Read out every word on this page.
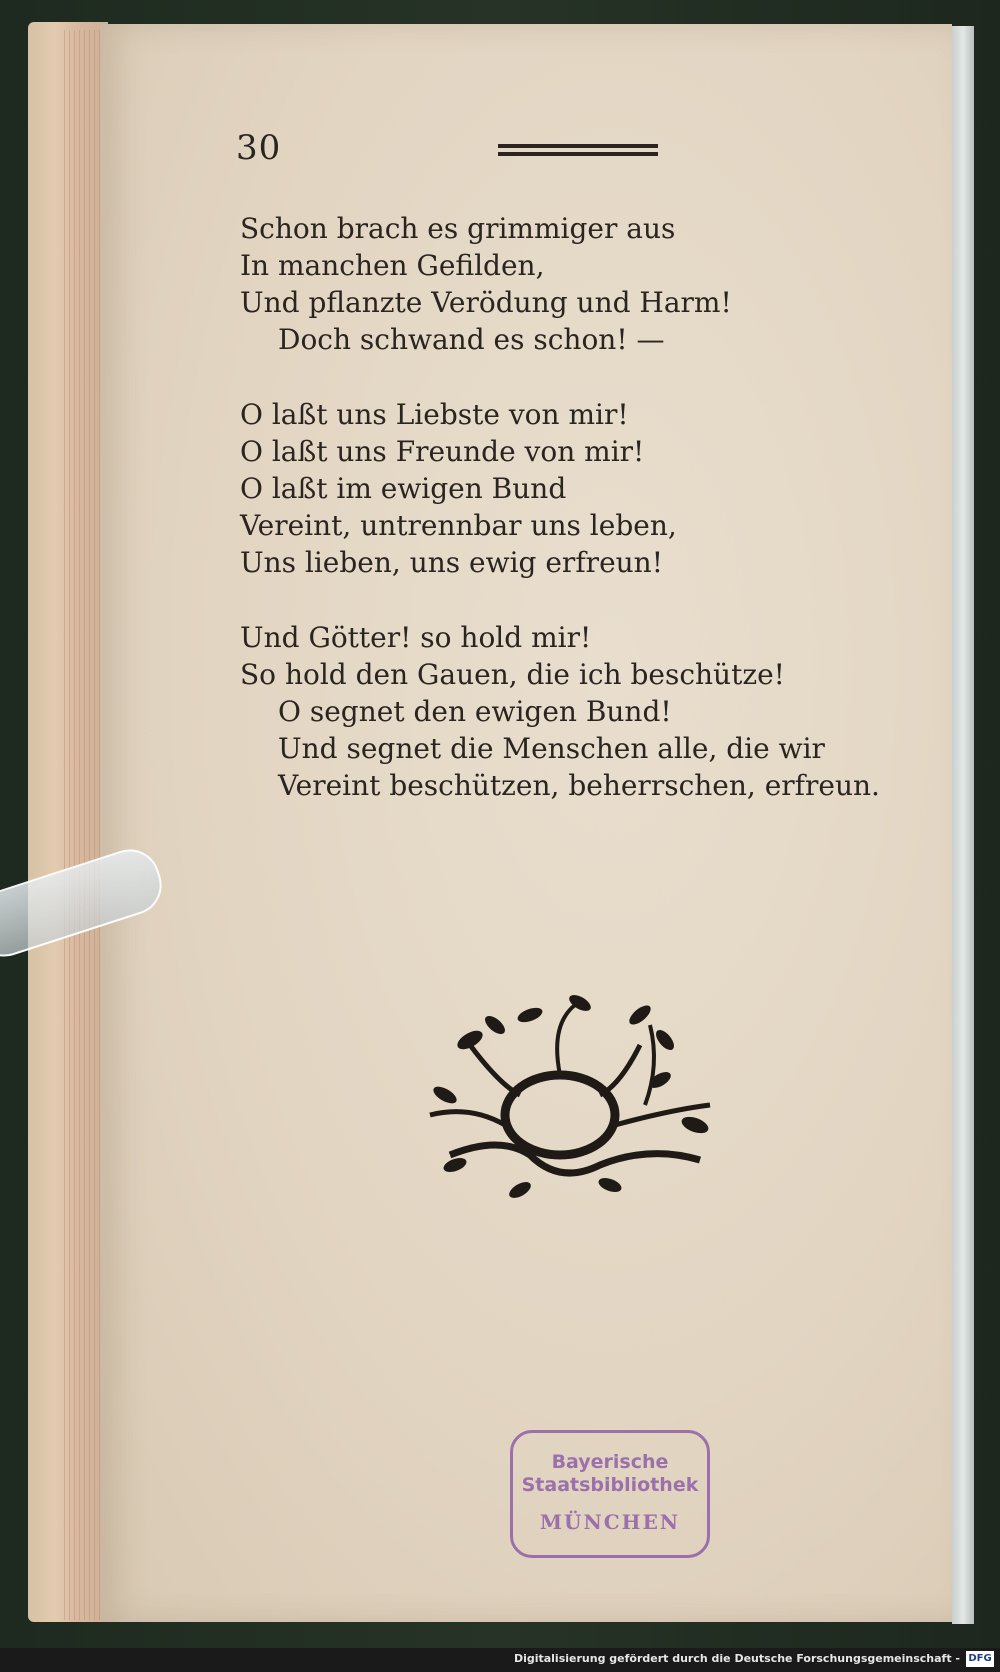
30
Schon brach es grimmiger aus
In manchen Gefilden,
Und pflanzte Verödung und Harm!
Doch schwand es schon! —
O laßt uns Liebste von mir!
O laßt uns Freunde von mir!
O laßt im ewigen Bund
Vereint, untrennbar uns leben,
Uns lieben, uns ewig erfreun!
Und Götter! so hold mir!
So hold den Gauen, die ich beschütze!
O segnet den ewigen Bund!
Und segnet die Menschen alle, die wir
Vereint beschützen, beherrschen, erfreun.
Bayerische
Staatsbibliothek
MÜNCHEN
Digitalisierung gefördert durch die Deutsche Forschungsgemeinschaft - DFG
